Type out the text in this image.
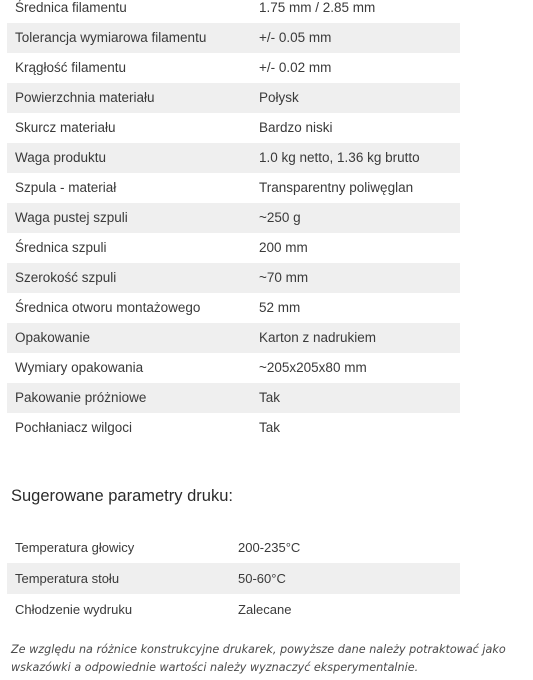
Średnica filamentu	1.75 mm / 2.85 mm
Tolerancja wymiarowa filamentu	+/- 0.05 mm
Krągłość filamentu	+/- 0.02 mm
Powierzchnia materiału	Połysk
Skurcz materiału	Bardzo niski
Waga produktu	1.0 kg netto, 1.36 kg brutto
Szpula - materiał	Transparentny poliwęglan
Waga pustej szpuli	~250 g
Średnica szpuli	200 mm
Szerokość szpuli	~70 mm
Średnica otworu montażowego	52 mm
Opakowanie	Karton z nadrukiem
Wymiary opakowania	~205x205x80 mm
Pakowanie próżniowe	Tak
Pochłaniacz wilgoci	Tak
Sugerowane parametry druku:
Temperatura głowicy	200-235°C
Temperatura stołu	50-60°C
Chłodzenie wydruku	Zalecane

Ze względu na różnice konstrukcyjne drukarek, powyższe dane należy potraktować jako wskazówki a odpowiednie wartości należy wyznaczyć eksperymentalnie.
